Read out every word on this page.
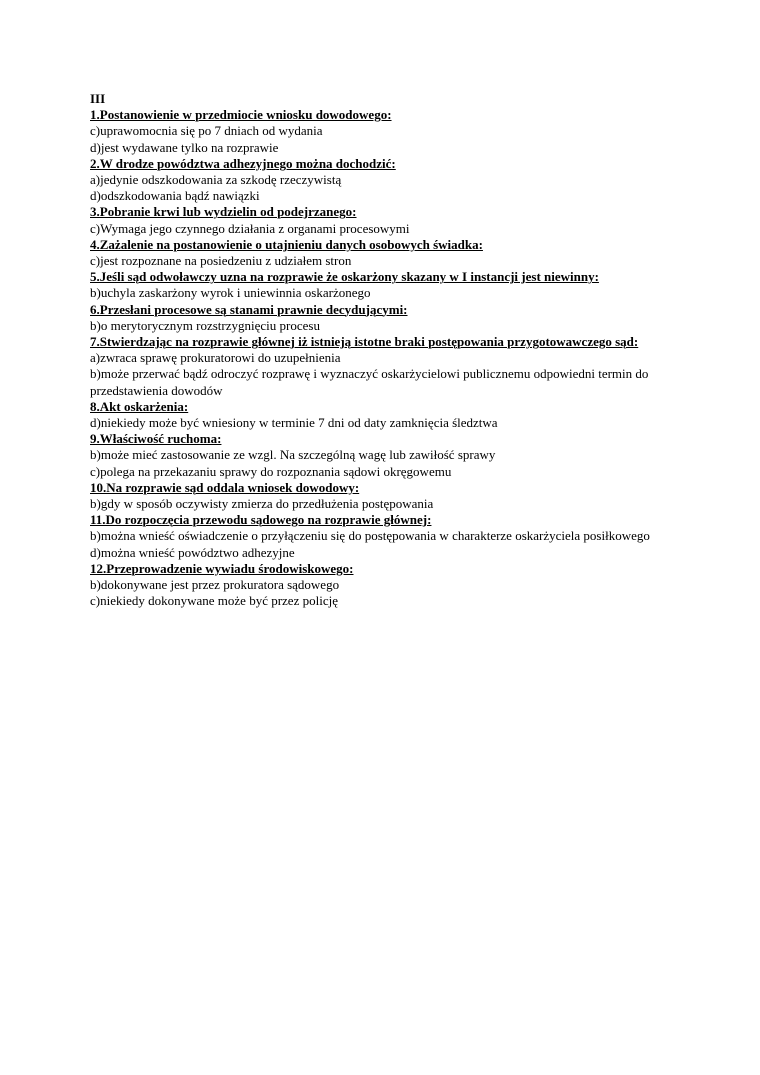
III
1.Postanowienie w przedmiocie wniosku dowodowego:
c)uprawomocnia się po 7 dniach od wydania
d)jest wydawane tylko na rozprawie
2.W drodze powództwa adhezyjnego można dochodzić:
a)jedynie odszkodowania za szkodę rzeczywistą
d)odszkodowania bądź nawiązki
3.Pobranie krwi lub wydzielin od podejrzanego:
c)Wymaga jego czynnego działania z organami procesowymi
4.Zażalenie na postanowienie o utajnieniu danych osobowych świadka:
c)jest rozpoznane na posiedzeniu z udziałem stron
5.Jeśli sąd odwoławczy uzna na rozprawie że oskarżony skazany w I instancji jest niewinny:
b)uchyla zaskarżony wyrok i uniewinnia oskarżonego
6.Przesłani procesowe są stanami prawnie decydującymi:
b)o merytorycznym rozstrzygnięciu procesu
7.Stwierdzając na rozprawie głównej iż istnieją istotne braki postępowania przygotowawczego sąd:
a)zwraca sprawę prokuratorowi do uzupełnienia
b)może przerwać bądź odroczyć rozprawę i wyznaczyć oskarżycielowi publicznemu odpowiedni termin do przedstawienia dowodów
8.Akt oskarżenia:
d)niekiedy może być wniesiony w terminie 7 dni od daty zamknięcia śledztwa
9.Właściwość ruchoma:
b)może mieć zastosowanie ze wzgl. Na szczególną wagę lub zawiłość sprawy
c)polega na przekazaniu sprawy do rozpoznania sądowi okręgowemu
10.Na rozprawie sąd oddala wniosek dowodowy:
b)gdy w sposób oczywisty zmierza do przedłużenia postępowania
11.Do rozpoczęcia przewodu sądowego na rozprawie głównej:
b)można wnieść oświadczenie o przyłączeniu się do postępowania w charakterze oskarżyciela posiłkowego
d)można wnieść powództwo adhezyjne
12.Przeprowadzenie wywiadu środowiskowego:
b)dokonywane jest przez prokuratora sądowego
c)niekiedy dokonywane może być przez policję
